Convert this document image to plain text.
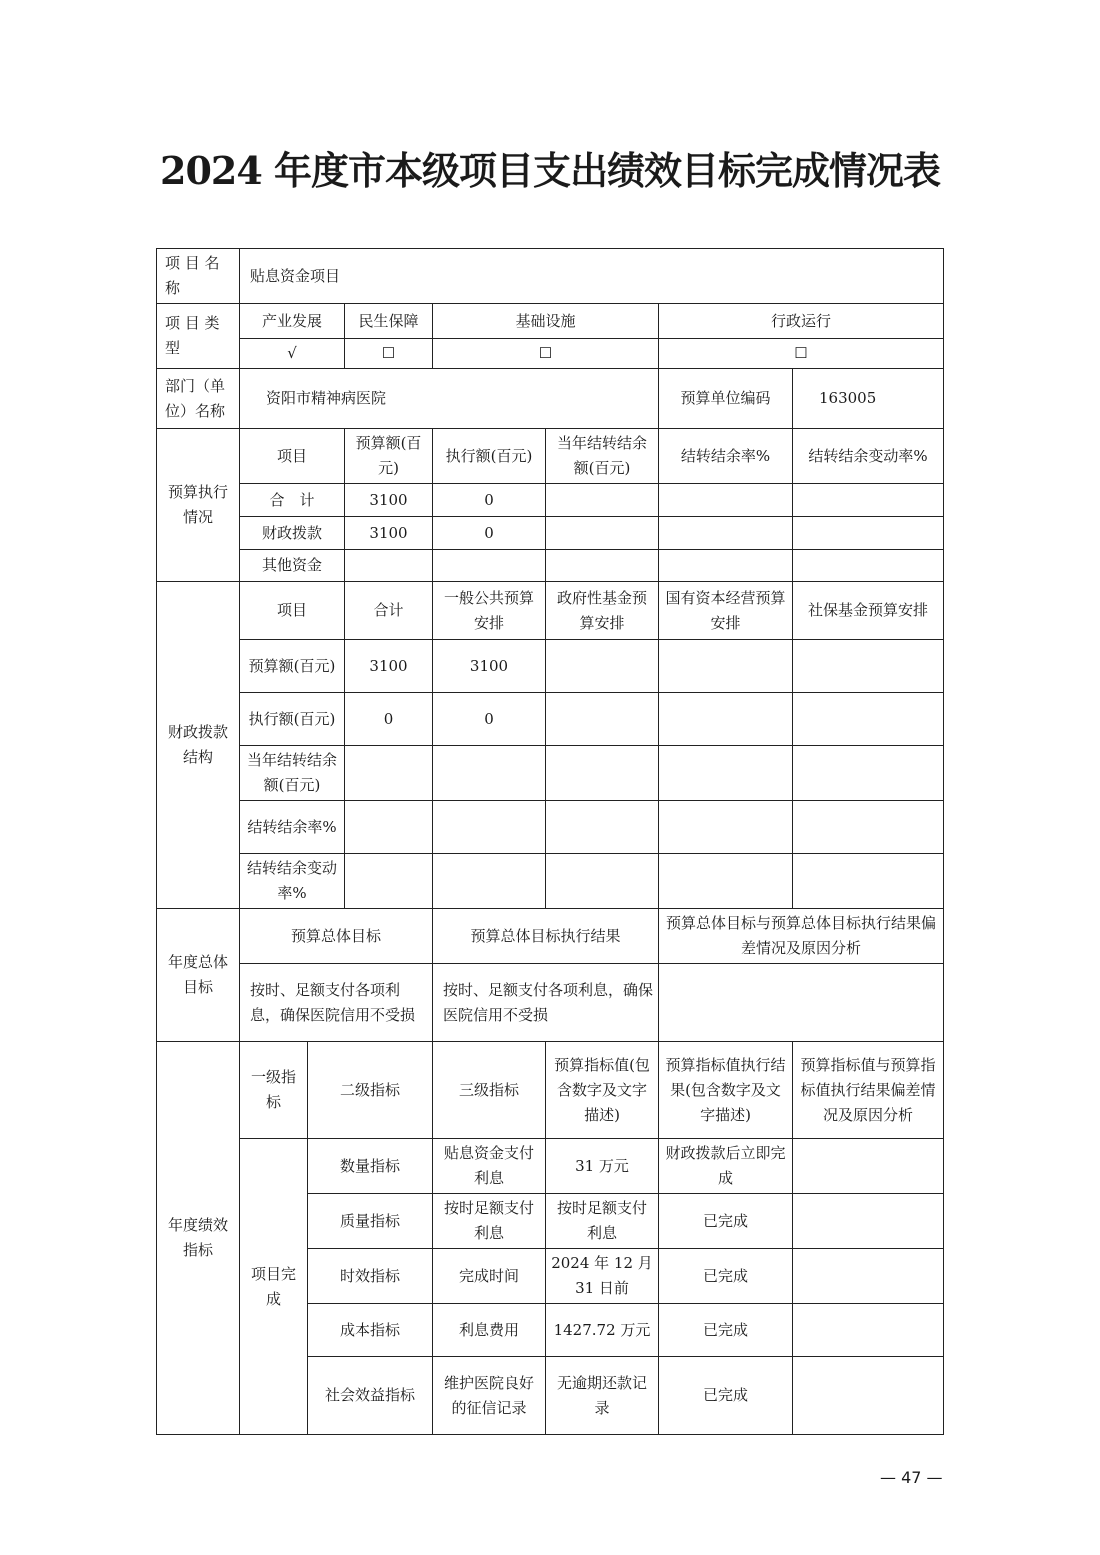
2024 年度市本级项目支出绩效目标完成情况表
项 目 名 称	贴息资金项目						
项 目 类 型	产业发展		民生保障	基础设施		行政运行	
	√		☐	☐		☐	
部门（单位）名称	资阳市精神病医院					预算单位编码	163005
预算执行情况	项目		预算额(百元)	执行额(百元)	当年结转结余额(百元)	结转结余率%	结转结余变动率%
	合　计		3100	0			
	财政拨款		3100	0			
	其他资金						
财政拨款结构	项目		合计	一般公共预算安排	政府性基金预算安排	国有资本经营预算安排	社保基金预算安排
	预算额(百元)		3100	3100			
	执行额(百元)		0	0			
	当年结转结余额(百元)						
	结转结余率%						
	结转结余变动率%						
年度总体目标	预算总体目标			预算总体目标执行结果		预算总体目标与预算总体目标执行结果偏差情况及原因分析	
	按时、足额支付各项利息，确保医院信用不受损			按时、足额支付各项利息，确保医院信用不受损			
年度绩效指标	一级指标	二级指标		三级指标	预算指标值(包含数字及文字描述)	预算指标值执行结果(包含数字及文字描述)	预算指标值与预算指标值执行结果偏差情况及原因分析
	项目完成	数量指标		贴息资金支付利息	31 万元	财政拨款后立即完成	
		质量指标		按时足额支付利息	按时足额支付利息	已完成	
		时效指标		完成时间	2024 年 12 月 31 日前	已完成	
		成本指标		利息费用	1427.72 万元	已完成	
		社会效益指标		维护医院良好的征信记录	无逾期还款记录	已完成	
— 47 —
